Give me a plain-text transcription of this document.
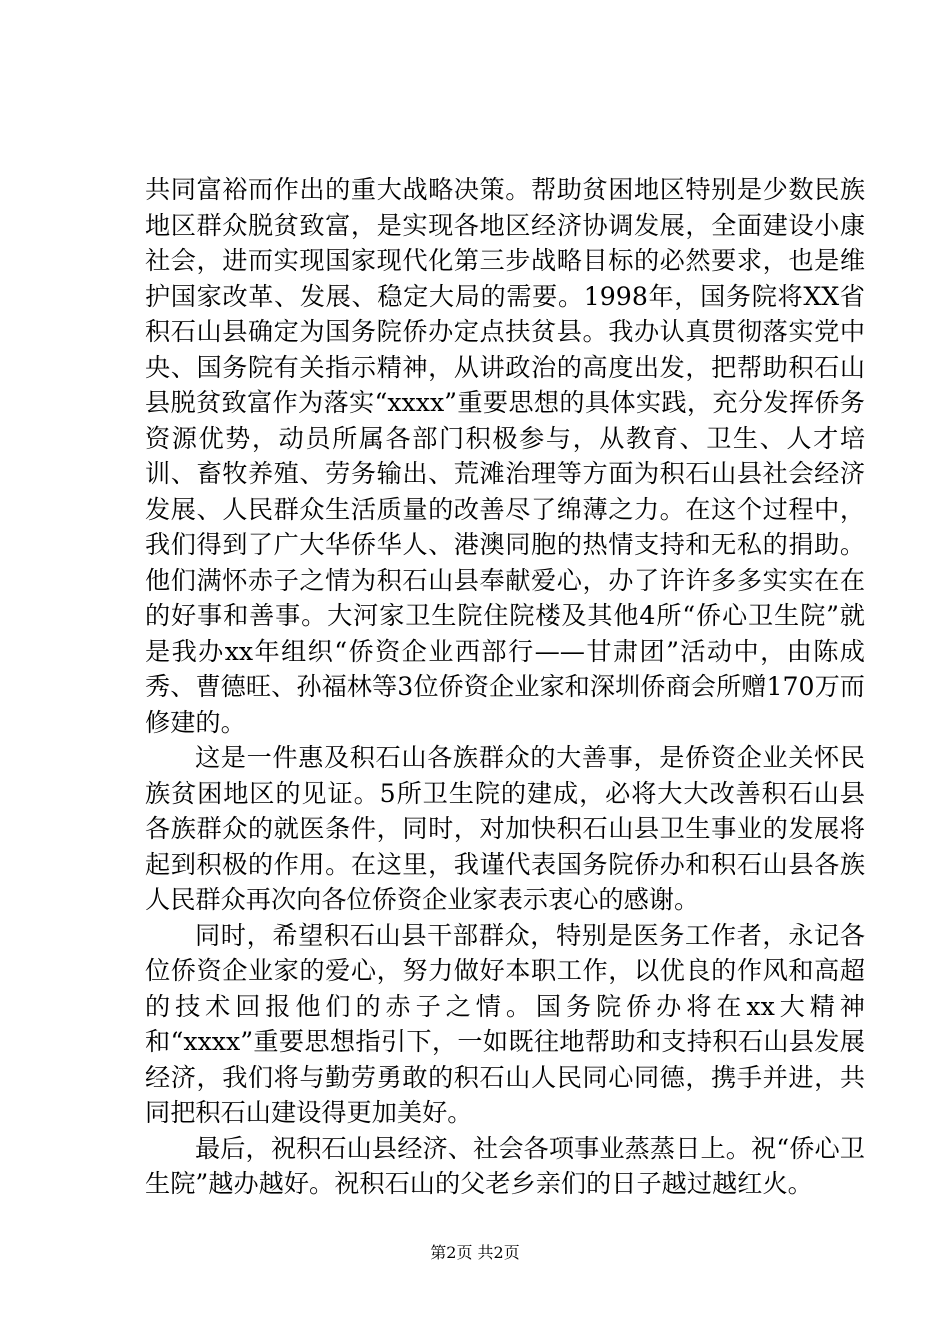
共同富裕而作出的重大战略决策。帮助贫困地区特别是少数民族地区群众脱贫致富，是实现各地区经济协调发展，全面建设小康社会，进而实现国家现代化第三步战略目标的必然要求，也是维护国家改革、发展、稳定大局的需要。1998年，国务院将XX省积石山县确定为国务院侨办定点扶贫县。我办认真贯彻落实党中央、国务院有关指示精神，从讲政治的高度出发，把帮助积石山县脱贫致富作为落实“xxxx”重要思想的具体实践，充分发挥侨务资源优势，动员所属各部门积极参与，从教育、卫生、人才培训、畜牧养殖、劳务输出、荒滩治理等方面为积石山县社会经济发展、人民群众生活质量的改善尽了绵薄之力。在这个过程中，我们得到了广大华侨华人、港澳同胞的热情支持和无私的捐助。他们满怀赤子之情为积石山县奉献爱心，办了许许多多实实在在的好事和善事。大河家卫生院住院楼及其他4所“侨心卫生院”就是我办xx年组织“侨资企业西部行——甘肃团”活动中，由陈成秀、曹德旺、孙福林等3位侨资企业家和深圳侨商会所赠170万而修建的。

这是一件惠及积石山各族群众的大善事，是侨资企业关怀民族贫困地区的见证。5所卫生院的建成，必将大大改善积石山县各族群众的就医条件，同时，对加快积石山县卫生事业的发展将起到积极的作用。在这里，我谨代表国务院侨办和积石山县各族人民群众再次向各位侨资企业家表示衷心的感谢。

同时，希望积石山县干部群众，特别是医务工作者，永记各位侨资企业家的爱心，努力做好本职工作，以优良的作风和高超的技术回报他们的赤子之情。国务院侨办将在xx大精神和“xxxx”重要思想指引下，一如既往地帮助和支持积石山县发展经济，我们将与勤劳勇敢的积石山人民同心同德，携手并进，共同把积石山建设得更加美好。

最后，祝积石山县经济、社会各项事业蒸蒸日上。祝“侨心卫生院”越办越好。祝积石山的父老乡亲们的日子越过越红火。

第2页 共2页
